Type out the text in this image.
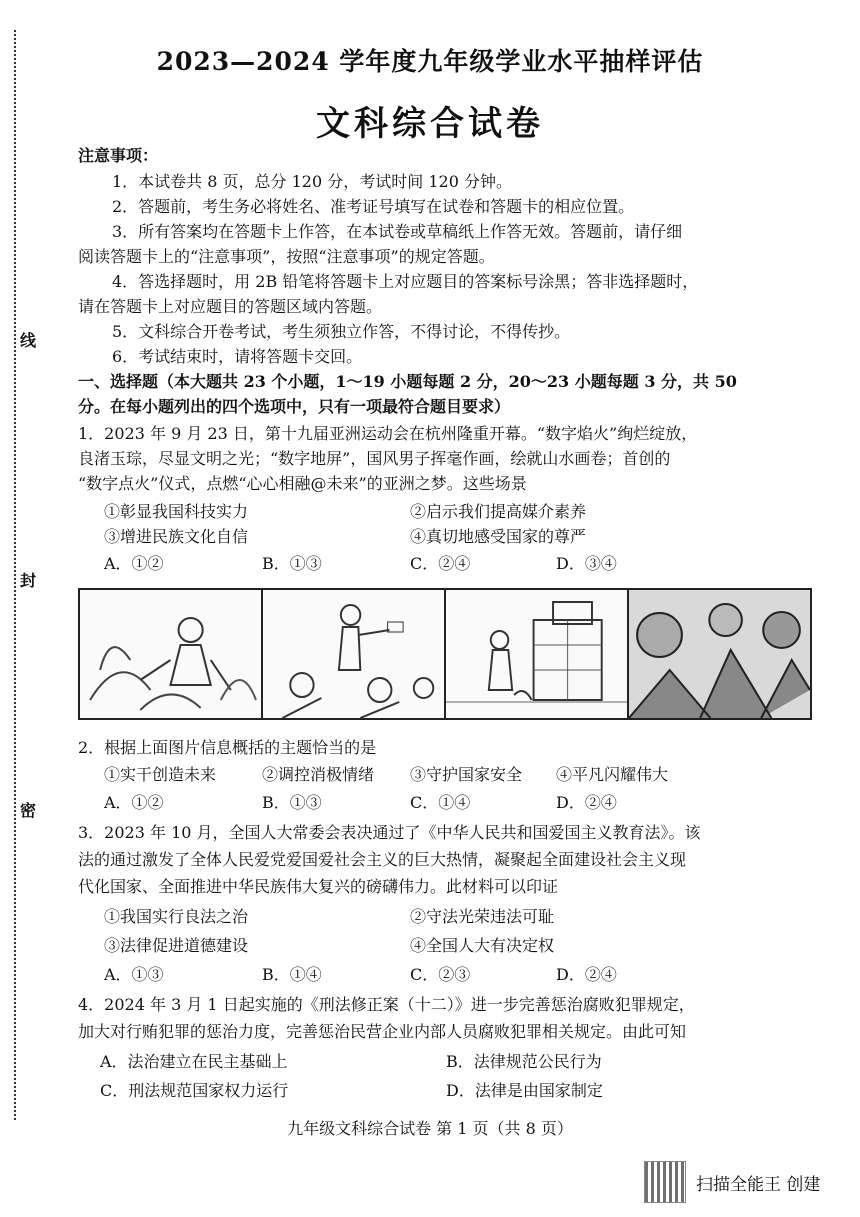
线
封
密
2023—2024 学年度九年级学业水平抽样评估
文科综合试卷
注意事项：
1．本试卷共 8 页，总分 120 分，考试时间 120 分钟。
2．答题前，考生务必将姓名、准考证号填写在试卷和答题卡的相应位置。
3．所有答案均在答题卡上作答，在本试卷或草稿纸上作答无效。答题前，请仔细
阅读答题卡上的“注意事项”，按照“注意事项”的规定答题。
4．答选择题时，用 2B 铅笔将答题卡上对应题目的答案标号涂黑；答非选择题时，
请在答题卡上对应题目的答题区域内答题。
5．文科综合开卷考试，考生须独立作答，不得讨论，不得传抄。
6．考试结束时，请将答题卡交回。
一、选择题（本大题共 23 个小题，1～19 小题每题 2 分，20～23 小题每题 3 分，共 50
分。在每小题列出的四个选项中，只有一项最符合题目要求）
1．2023 年 9 月 23 日，第十九届亚洲运动会在杭州隆重开幕。“数字焰火”绚烂绽放，
良渚玉琮，尽显文明之光；“数字地屏”，国风男子挥毫作画，绘就山水画卷；首创的
“数字点火”仪式，点燃“心心相融@未来”的亚洲之梦。这些场景
①彰显我国科技实力	②启示我们提高媒介素养
③增进民族文化自信	④真切地感受国家的尊严
A．①②	B．①③	C．②④	D．③④
2．根据上面图片信息概括的主题恰当的是
①实干创造未来	②调控消极情绪 ③守护国家安全 ④平凡闪耀伟大
A．①②	B．①③	C．①④	D．②④
3．2023 年 10 月，全国人大常委会表决通过了《中华人民共和国爱国主义教育法》。该
法的通过激发了全体人民爱党爱国爱社会主义的巨大热情，凝聚起全面建设社会主义现
代化国家、全面推进中华民族伟大复兴的磅礴伟力。此材料可以印证
①我国实行良法之治	②守法光荣违法可耻
③法律促进道德建设	④全国人大有决定权
A．①③	B．①④	C．②③	D．②④
4．2024 年 3 月 1 日起实施的《刑法修正案（十二）》进一步完善惩治腐败犯罪规定，
加大对行贿犯罪的惩治力度，完善惩治民营企业内部人员腐败犯罪相关规定。由此可知
A．法治建立在民主基础上	B．法律规范公民行为
C．刑法规范国家权力运行	D．法律是由国家制定
九年级文科综合试卷 第 1 页（共 8 页）
扫描全能王 创建
